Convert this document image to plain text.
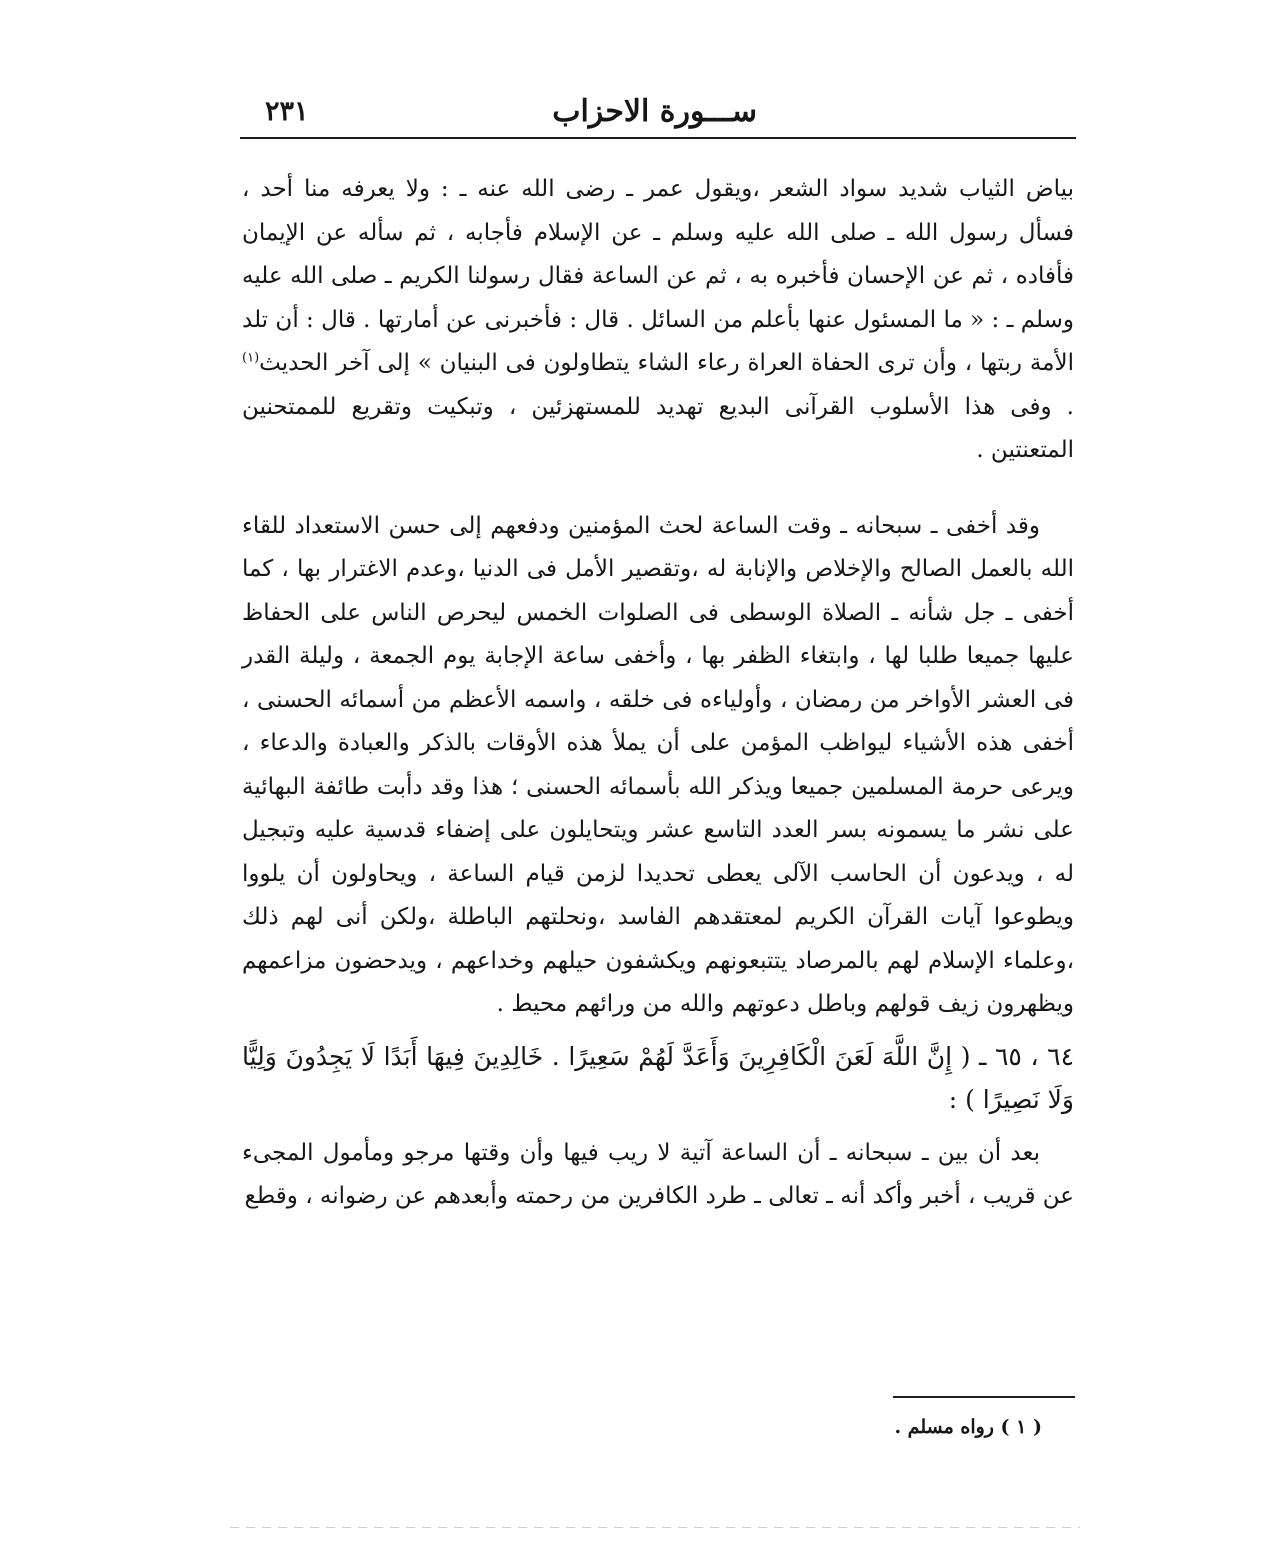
٢٣١	ســـورة الاحزاب

بياض الثياب شديد سواد الشعر ،ويقول عمر ـ رضى الله عنه ـ : ولا يعرفه منا أحد ، فسأل رسول الله ـ صلى الله عليه وسلم ـ عن الإسلام فأجابه ، ثم سأله عن الإيمان فأفاده ، ثم عن الإحسان فأخبره به ، ثم عن الساعة فقال رسولنا الكريم ـ صلى الله عليه وسلم ـ : « ما المسئول عنها بأعلم من السائل . قال : فأخبرنى عن أمارتها . قال : أن تلد الأمة ربتها ، وأن ترى الحفاة العراة رعاء الشاء يتطاولون فى البنيان » إلى آخر الحديث$^{(١)}$ . وفى هذا الأسلوب القرآنى البديع تهديد للمستهزئين ، وتبكيت وتقريع للممتحنين المتعنتين .

وقد أخفى ـ سبحانه ـ وقت الساعة لحث المؤمنين ودفعهم إلى حسن الاستعداد للقاء الله بالعمل الصالح والإخلاص والإنابة له ،وتقصير الأمل فى الدنيا ،وعدم الاغترار بها ، كما أخفى ـ جل شأنه ـ الصلاة الوسطى فى الصلوات الخمس ليحرص الناس على الحفاظ عليها جميعا طلبا لها ، وابتغاء الظفر بها ، وأخفى ساعة الإجابة يوم الجمعة ، وليلة القدر فى العشر الأواخر من رمضان ، وأولياءه فى خلقه ، واسمه الأعظم من أسمائه الحسنى ، أخفى هذه الأشياء ليواظب المؤمن على أن يملأ هذه الأوقات بالذكر والعبادة والدعاء ، ويرعى حرمة المسلمين جميعا ويذكر الله بأسمائه الحسنى ؛ هذا وقد دأبت طائفة البهائية على نشر ما يسمونه بسر العدد التاسع عشر ويتحايلون على إضفاء قدسية عليه وتبجيل له ، ويدعون أن الحاسب الآلى يعطى تحديدا لزمن قيام الساعة ، ويحاولون أن يلووا ويطوعوا آيات القرآن الكريم لمعتقدهم الفاسد ،ونحلتهم الباطلة ،ولكن أنى لهم ذلك ،وعلماء الإسلام لهم بالمرصاد يتتبعونهم ويكشفون حيلهم وخداعهم ، ويدحضون مزاعمهم ويظهرون زيف قولهم وباطل دعوتهم والله من ورائهم محيط .

٦٤ ، ٦٥ ـ ( إِنَّ اللَّهَ لَعَنَ الْكَافِرِينَ وَأَعَدَّ لَهُمْ سَعِيرًا . خَالِدِينَ فِيهَا أَبَدًا لَا يَجِدُونَ وَلِيًّا وَلَا نَصِيرًا ) :

بعد أن بين ـ سبحانه ـ أن الساعة آتية لا ريب فيها وأن وقتها مرجو ومأمول المجىء عن قريب ، أخبر وأكد أنه ـ تعالى ـ طرد الكافرين من رحمته وأبعدهم عن رضوانه ، وقطع

( ١ ) رواه مسلم .
